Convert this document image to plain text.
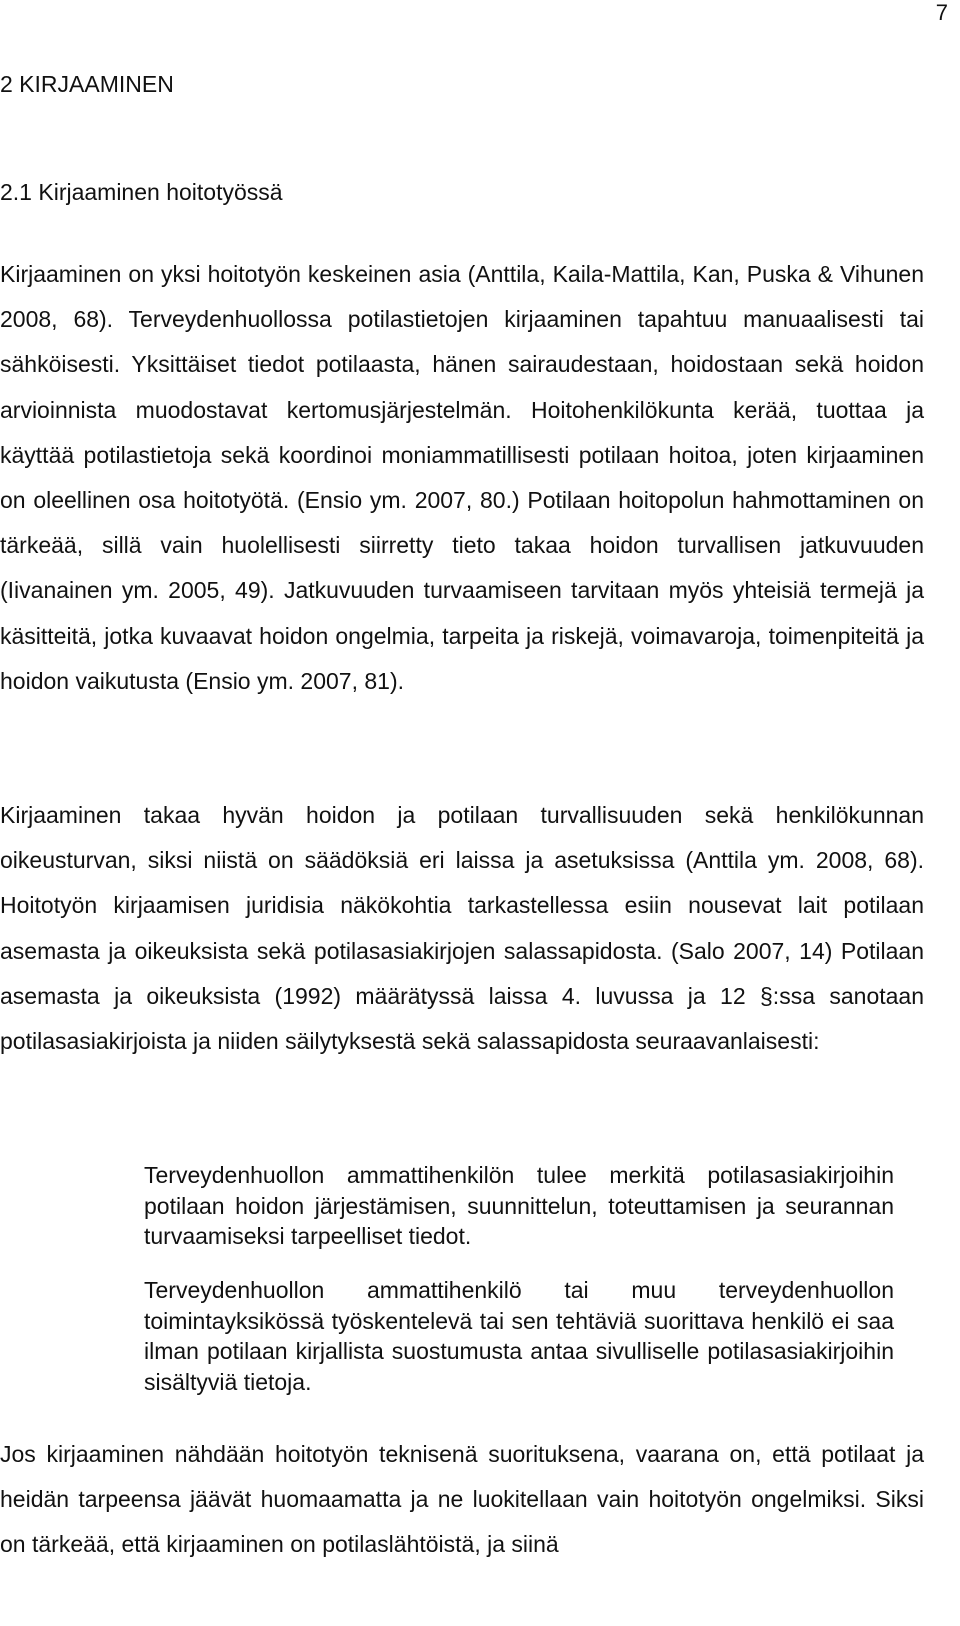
7
2 KIRJAAMINEN
2.1 Kirjaaminen hoitotyössä

Kirjaaminen on yksi hoitotyön keskeinen asia (Anttila, Kaila-Mattila, Kan, Puska & Vihunen 2008, 68). Terveydenhuollossa potilastietojen kirjaaminen tapahtuu manuaalisesti tai sähköisesti. Yksittäiset tiedot potilaasta, hänen sairaudestaan, hoidostaan sekä hoidon arvioinnista muodostavat kertomusjärjestelmän. Hoitohenkilökunta kerää, tuottaa ja käyttää potilastietoja sekä koordinoi moniammatillisesti potilaan hoitoa, joten kirjaaminen on oleellinen osa hoitotyötä. (Ensio ym. 2007, 80.) Potilaan hoitopolun hahmottaminen on tärkeää, sillä vain huolellisesti siirretty tieto takaa hoidon turvallisen jatkuvuuden (Iivanainen ym. 2005, 49). Jatkuvuuden turvaamiseen tarvitaan myös yhteisiä termejä ja käsitteitä, jotka kuvaavat hoidon ongelmia, tarpeita ja riskejä, voimavaroja, toimenpiteitä ja hoidon vaikutusta (Ensio ym. 2007, 81).

Kirjaaminen takaa hyvän hoidon ja potilaan turvallisuuden sekä henkilökunnan oikeusturvan, siksi niistä on säädöksiä eri laissa ja asetuksissa (Anttila ym. 2008, 68). Hoitotyön kirjaamisen juridisia näkökohtia tarkastellessa esiin nousevat lait potilaan asemasta ja oikeuksista sekä potilasasiakirjojen salassapidosta. (Salo 2007, 14) Potilaan asemasta ja oikeuksista (1992) määrätyssä laissa 4. luvussa ja 12 §:ssa sanotaan potilasasiakirjoista ja niiden säilytyksestä sekä salassapidosta seuraavanlaisesti:

Terveydenhuollon ammattihenkilön tulee merkitä potilasasiakirjoihin potilaan hoidon järjestämisen, suunnittelun, toteuttamisen ja seurannan turvaamiseksi tarpeelliset tiedot.

Terveydenhuollon ammattihenkilö tai muu terveydenhuollon toimintayksikössä työskentelevä tai sen tehtäviä suorittava henkilö ei saa ilman potilaan kirjallista suostumusta antaa sivulliselle potilasasiakirjoihin sisältyviä tietoja.

Jos kirjaaminen nähdään hoitotyön teknisenä suorituksena, vaarana on, että potilaat ja heidän tarpeensa jäävät huomaamatta ja ne luokitellaan vain hoitotyön ongelmiksi. Siksi on tärkeää, että kirjaaminen on potilaslähtöistä, ja siinä
